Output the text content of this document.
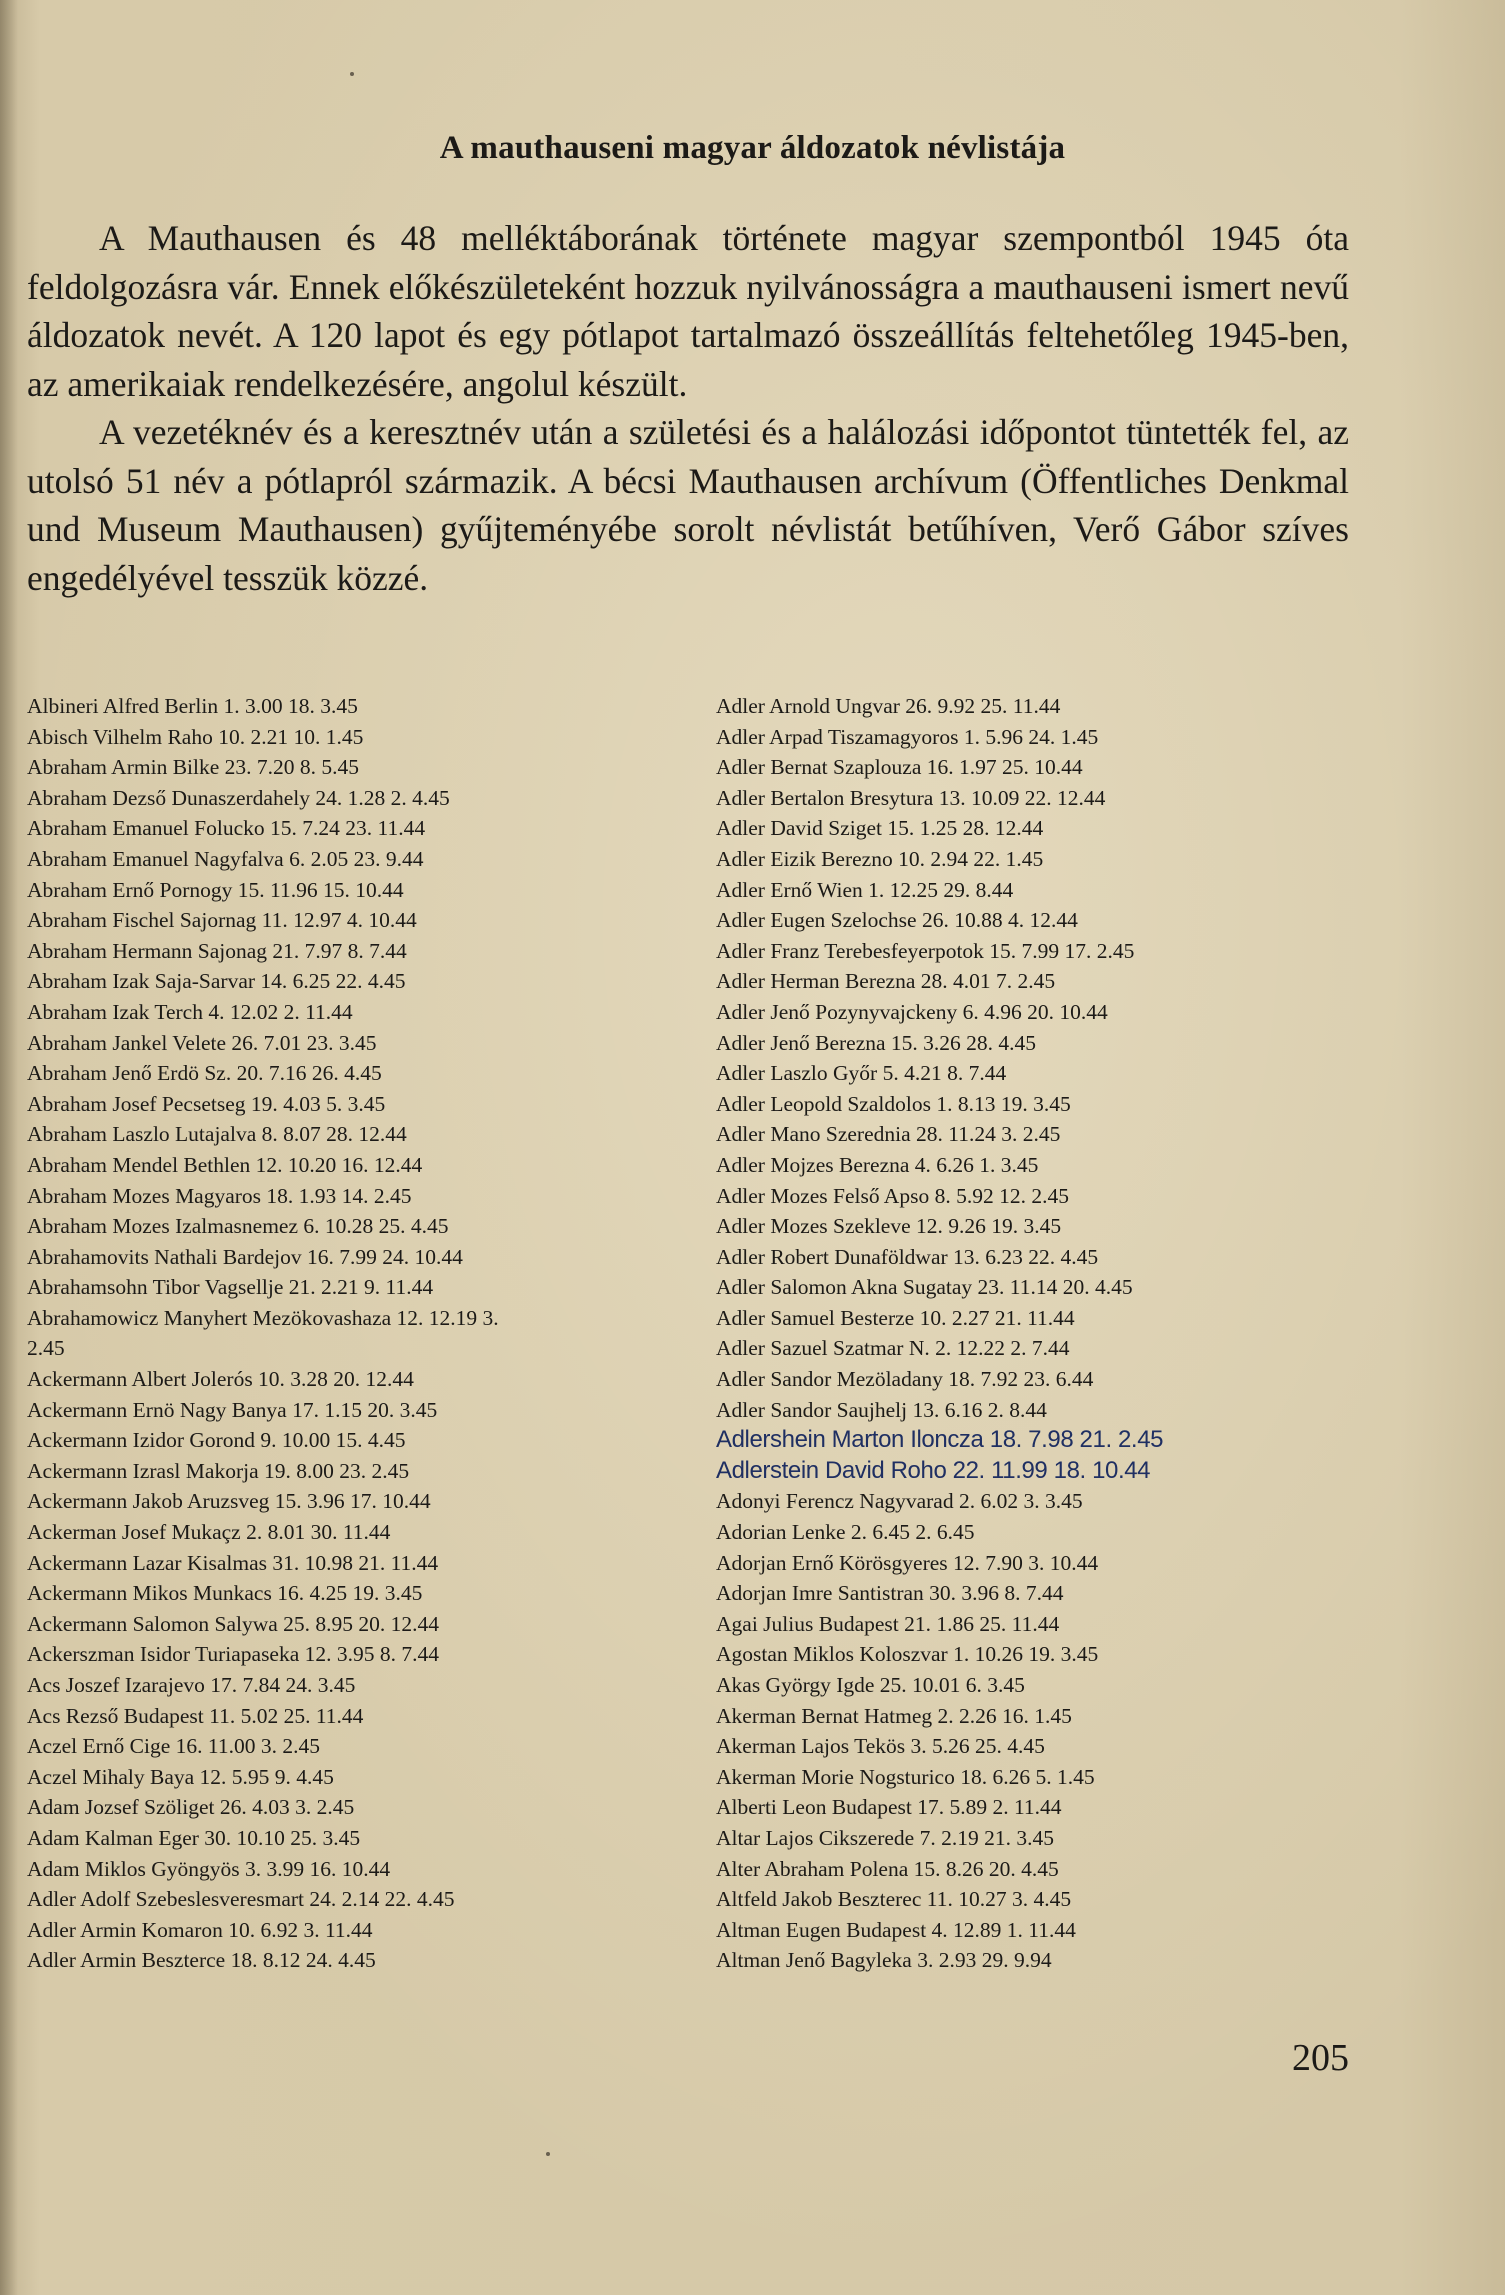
A mauthauseni magyar áldozatok névlistája

A Mauthausen és 48 melléktáborának története magyar szempontból 1945 óta feldolgozásra vár. Ennek előkészületeként hozzuk nyilvánosságra a mauthauseni ismert nevű áldozatok nevét. A 120 lapot és egy pótlapot tartalmazó összeállítás feltehetőleg 1945-ben, az amerikaiak rendelkezésére, angolul készült.

A vezetéknév és a keresztnév után a születési és a halálozási időpontot tüntették fel, az utolsó 51 név a pótlapról származik. A bécsi Mauthausen archívum (Öffentliches Denkmal und Museum Mauthausen) gyűjteményébe sorolt névlistát betűhíven, Verő Gábor szíves engedélyével tesszük közzé.

Albineri Alfred Berlin 1. 3.00 18. 3.45
Abisch Vilhelm Raho 10. 2.21 10. 1.45
Abraham Armin Bilke 23. 7.20 8. 5.45
Abraham Dezső Dunaszerdahely 24. 1.28 2. 4.45
Abraham Emanuel Folucko 15. 7.24 23. 11.44
Abraham Emanuel Nagyfalva 6. 2.05 23. 9.44
Abraham Ernő Pornogy 15. 11.96 15. 10.44
Abraham Fischel Sajornag 11. 12.97 4. 10.44
Abraham Hermann Sajonag 21. 7.97 8. 7.44
Abraham Izak Saja-Sarvar 14. 6.25 22. 4.45
Abraham Izak Terch 4. 12.02 2. 11.44
Abraham Jankel Velete 26. 7.01 23. 3.45
Abraham Jenő Erdö Sz. 20. 7.16 26. 4.45
Abraham Josef Pecsetseg 19. 4.03 5. 3.45
Abraham Laszlo Lutajalva 8. 8.07 28. 12.44
Abraham Mendel Bethlen 12. 10.20 16. 12.44
Abraham Mozes Magyaros 18. 1.93 14. 2.45
Abraham Mozes Izalmasnemez 6. 10.28 25. 4.45
Abrahamovits Nathali Bardejov 16. 7.99 24. 10.44
Abrahamsohn Tibor Vagsellje 21. 2.21 9. 11.44
Abrahamowicz Manyhert Mezökovashaza 12. 12.19 3.
2.45
Ackermann Albert Jolerós 10. 3.28 20. 12.44
Ackermann Ernö Nagy Banya 17. 1.15 20. 3.45
Ackermann Izidor Gorond 9. 10.00 15. 4.45
Ackermann Izrasl Makorja 19. 8.00 23. 2.45
Ackermann Jakob Aruzsveg 15. 3.96 17. 10.44
Ackerman Josef Mukaçz 2. 8.01 30. 11.44
Ackermann Lazar Kisalmas 31. 10.98 21. 11.44
Ackermann Mikos Munkacs 16. 4.25 19. 3.45
Ackermann Salomon Salywa 25. 8.95 20. 12.44
Ackerszman Isidor Turiapaseka 12. 3.95 8. 7.44
Acs Joszef Izarajevo 17. 7.84 24. 3.45
Acs Rezső Budapest 11. 5.02 25. 11.44
Aczel Ernő Cige 16. 11.00 3. 2.45
Aczel Mihaly Baya 12. 5.95 9. 4.45
Adam Jozsef Szöliget 26. 4.03 3. 2.45
Adam Kalman Eger 30. 10.10 25. 3.45
Adam Miklos Gyöngyös 3. 3.99 16. 10.44
Adler Adolf Szebeslesveresmart 24. 2.14 22. 4.45
Adler Armin Komaron 10. 6.92 3. 11.44
Adler Armin Beszterce 18. 8.12 24. 4.45
Adler Arnold Ungvar 26. 9.92 25. 11.44
Adler Arpad Tiszamagyoros 1. 5.96 24. 1.45
Adler Bernat Szaplouza 16. 1.97 25. 10.44
Adler Bertalon Bresytura 13. 10.09 22. 12.44
Adler David Sziget 15. 1.25 28. 12.44
Adler Eizik Berezno 10. 2.94 22. 1.45
Adler Ernő Wien 1. 12.25 29. 8.44
Adler Eugen Szelochse 26. 10.88 4. 12.44
Adler Franz Terebesfeyerpotok 15. 7.99 17. 2.45
Adler Herman Berezna 28. 4.01 7. 2.45
Adler Jenő Pozynyvajckeny 6. 4.96 20. 10.44
Adler Jenő Berezna 15. 3.26 28. 4.45
Adler Laszlo Győr 5. 4.21 8. 7.44
Adler Leopold Szaldolos 1. 8.13 19. 3.45
Adler Mano Szerednia 28. 11.24 3. 2.45
Adler Mojzes Berezna 4. 6.26 1. 3.45
Adler Mozes Felső Apso 8. 5.92 12. 2.45
Adler Mozes Szekleve 12. 9.26 19. 3.45
Adler Robert Dunaföldwar 13. 6.23 22. 4.45
Adler Salomon Akna Sugatay 23. 11.14 20. 4.45
Adler Samuel Besterze 10. 2.27 21. 11.44
Adler Sazuel Szatmar N. 2. 12.22 2. 7.44
Adler Sandor Mezöladany 18. 7.92 23. 6.44
Adler Sandor Saujhelj 13. 6.16 2. 8.44
Adlershein Marton Iloncza 18. 7.98 21. 2.45
Adlerstein David Roho 22. 11.99 18. 10.44
Adonyi Ferencz Nagyvarad 2. 6.02 3. 3.45
Adorian Lenke 2. 6.45 2. 6.45
Adorjan Ernő Körösgyeres 12. 7.90 3. 10.44
Adorjan Imre Santistran 30. 3.96 8. 7.44
Agai Julius Budapest 21. 1.86 25. 11.44
Agostan Miklos Koloszvar 1. 10.26 19. 3.45
Akas György Igde 25. 10.01 6. 3.45
Akerman Bernat Hatmeg 2. 2.26 16. 1.45
Akerman Lajos Tekös 3. 5.26 25. 4.45
Akerman Morie Nogsturico 18. 6.26 5. 1.45
Alberti Leon Budapest 17. 5.89 2. 11.44
Altar Lajos Cikszerede 7. 2.19 21. 3.45
Alter Abraham Polena 15. 8.26 20. 4.45
Altfeld Jakob Beszterec 11. 10.27 3. 4.45
Altman Eugen Budapest 4. 12.89 1. 11.44
Altman Jenő Bagyleka 3. 2.93 29. 9.94
205
